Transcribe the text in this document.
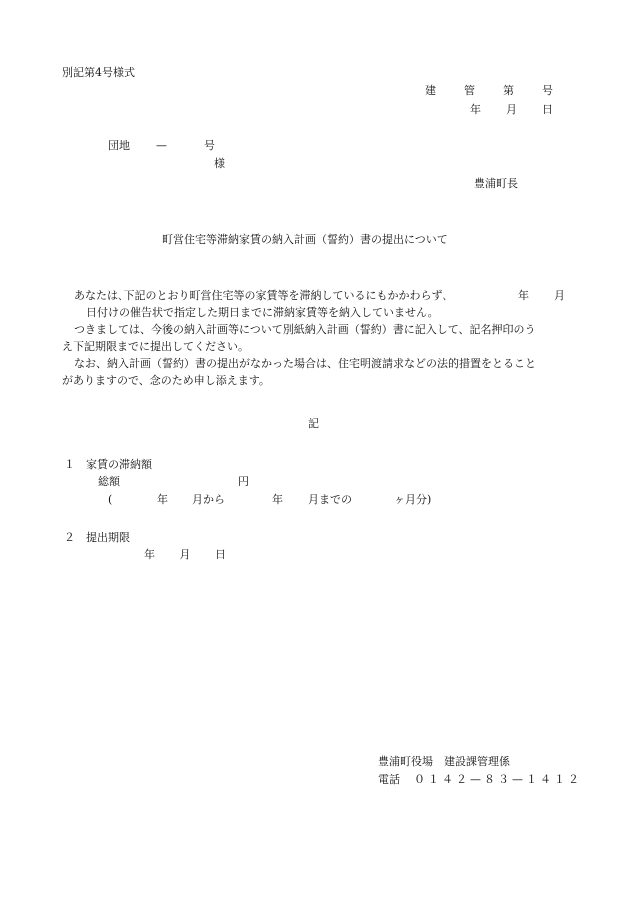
別記第4号様式
建	管	第	号
年 月 日
団地 —	号
様
豊浦町長
町営住宅等滞納家賃の納入計画（誓約）書の提出について
あなたは､下記のとおり町営住宅等の家賃等を滞納しているにもかかわらず､	年 月
日付けの催告状で指定した期日までに滞納家賃等を納入していません。
つきましては、今後の納入計画等について別紙納入計画（誓約）書に記入して、記名押印のう
え下記期限までに提出してください。
なお、納入計画（誓約）書の提出がなかった場合は、住宅明渡請求などの法的措置をとること
がありますので、念のため申し添えます。
記
１　家賃の滞納額
総額	円
(	年 月から	年 月までの	ヶ月分)
２　提出期限
年 月 日
豊浦町役場　建設課管理係
電話 ０１４２—８３—１４１２
